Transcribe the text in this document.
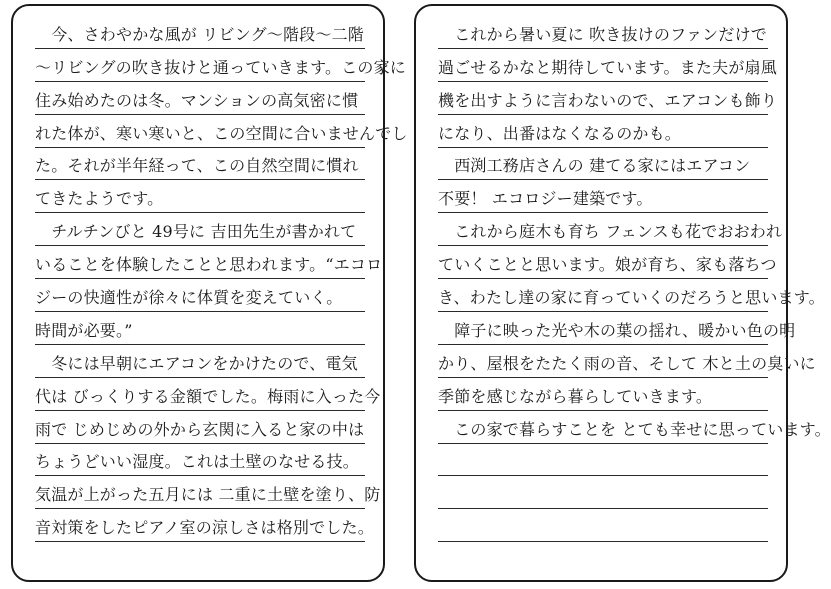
　今、さわやかな風が リビング～階段～二階
～リビングの吹き抜けと通っていきます。この家に
住み始めたのは冬。マンションの高気密に慣
れた体が、寒い寒いと、この空間に合いませんでし
た。それが半年経って、この自然空間に慣れ
てきたようです。
　チルチンびと 49号に 吉田先生が書かれて
いることを体験したことと思われます。“エコロ
ジーの快適性が徐々に体質を変えていく。
時間が必要。”
　冬には早朝にエアコンをかけたので、電気
代は びっくりする金額でした。梅雨に入った今
雨で じめじめの外から玄関に入ると家の中は
ちょうどいい湿度。これは土壁のなせる技。
気温が上がった五月には 二重に土壁を塗り、防
音対策をしたピアノ室の涼しさは格別でした。
　これから暑い夏に 吹き抜けのファンだけで
過ごせるかなと期待しています。また夫が扇風
機を出すように言わないので、エアコンも飾り
になり、出番はなくなるのかも。
　西渕工務店さんの 建てる家にはエアコン
不要！ エコロジー建築です。
　これから庭木も育ち フェンスも花でおおわれ
ていくことと思います。娘が育ち、家も落ちつ
き、わたし達の家に育っていくのだろうと思います。
　障子に映った光や木の葉の揺れ、暖かい色の明
かり、屋根をたたく雨の音、そして 木と土の臭いに
季節を感じながら暮らしていきます。
　この家で暮らすことを とても幸せに思っています。
